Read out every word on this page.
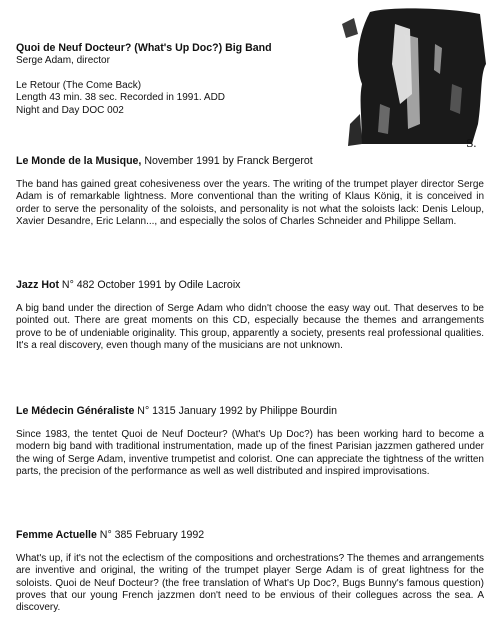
Quoi de Neuf Docteur? (What's Up Doc?) Big Band

Serge Adam, director

Le Retour (The Come Back)

Length 43 min. 38 sec. Recorded in 1991. ADD

Night and Day DOC 002

S.
Le Monde de la Musique, November 1991 by Franck Bergerot

The band has gained great cohesiveness over the years. The writing of the trumpet player director Serge Adam is of remarkable lightness. More conventional than the writing of Klaus König, it is conceived in order to serve the personality of the soloists, and personality is not what the soloists lack: Denis Leloup, Xavier Desandre, Eric Lelann..., and especially the solos of Charles Schneider and Philippe Sellam.

Jazz Hot N° 482 October 1991 by Odile Lacroix

A big band under the direction of Serge Adam who didn't choose the easy way out. That deserves to be pointed out. There are great moments on this CD, especially because the themes and arrangements prove to be of undeniable originality. This group, apparently a society, presents real professional qualities. It's a real discovery, even though many of the musicians are not unknown.

Le Médecin Généraliste N° 1315 January 1992 by Philippe Bourdin

Since 1983, the tentet Quoi de Neuf Docteur? (What's Up Doc?) has been working hard to become a modern big band with traditional instrumentation, made up of the finest Parisian jazzmen gathered under the wing of Serge Adam, inventive trumpetist and colorist. One can appreciate the tightness of the written parts, the precision of the performance as well as well distributed and inspired improvisations.

Femme Actuelle N° 385 February 1992

What's up, if it's not the eclectism of the compositions and orchestrations? The themes and arrangements are inventive and original, the writing of the trumpet player Serge Adam is of great lightness for the soloists. Quoi de Neuf Docteur? (the free translation of What's Up Doc?, Bugs Bunny's famous question) proves that our young French jazzmen don't need to be envious of their collegues across the sea. A discovery.
